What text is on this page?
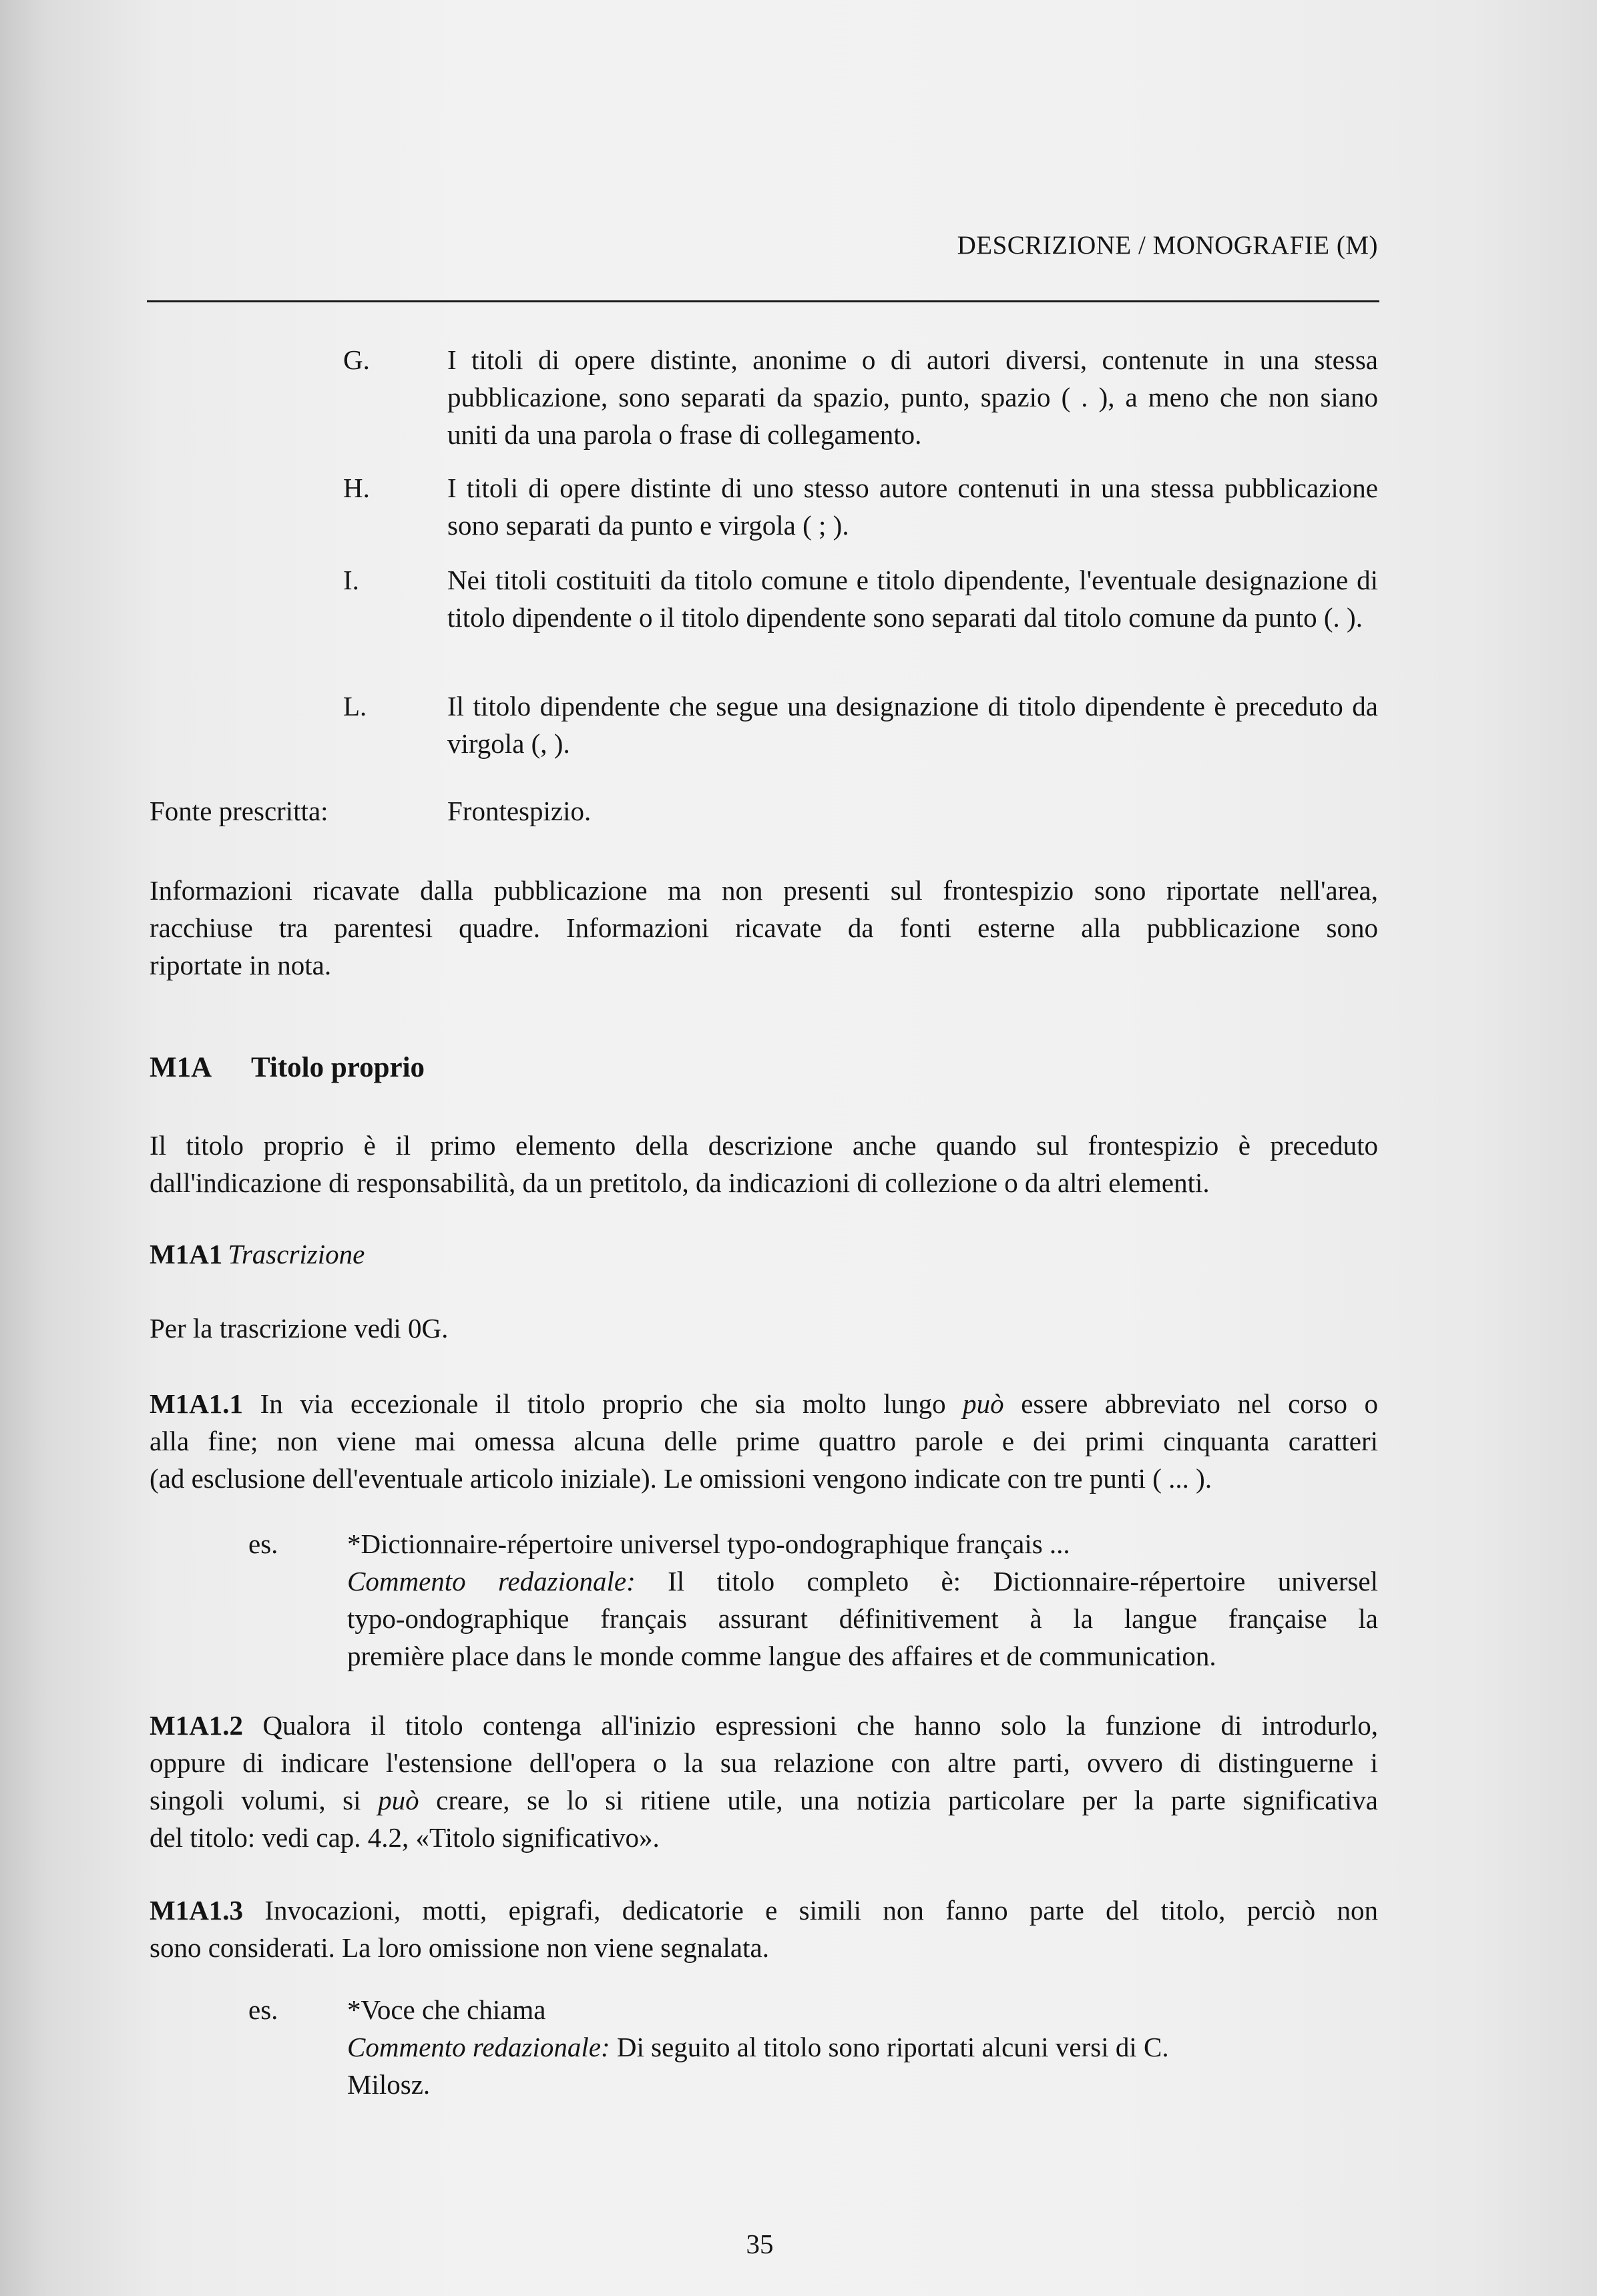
DESCRIZIONE / MONOGRAFIE (M)
G.	I titoli di opere distinte, anonime o di autori diversi, contenute in una stessa pubblicazione, sono separati da spazio, punto, spazio ( . ), a meno che non siano uniti da una parola o frase di collegamento.
H.	I titoli di opere distinte di uno stesso autore contenuti in una stessa pubblicazione sono separati da punto e virgola ( ; ).
I.	Nei titoli costituiti da titolo comune e titolo dipendente, l'eventuale designazione di titolo dipendente o il titolo dipendente sono separati dal titolo comune da punto (. ).
L.	Il titolo dipendente che segue una designazione di titolo dipendente è preceduto da virgola (, ).
Fonte prescritta:	Frontespizio.
Informazioni ricavate dalla pubblicazione ma non presenti sul frontespizio sono riportate nell'area,
racchiuse tra parentesi quadre. Informazioni ricavate da fonti esterne alla pubblicazione sono
riportate in nota.
M1A Titolo proprio
Il titolo proprio è il primo elemento della descrizione anche quando sul frontespizio è preceduto
dall'indicazione di responsabilità, da un pretitolo, da indicazioni di collezione o da altri elementi.
M1A1 Trascrizione
Per la trascrizione vedi 0G.
M1A1.1 In via eccezionale il titolo proprio che sia molto lungo può essere abbreviato nel corso o
alla fine; non viene mai omessa alcuna delle prime quattro parole e dei primi cinquanta caratteri
(ad esclusione dell'eventuale articolo iniziale). Le omissioni vengono indicate con tre punti ( ... ).
es.	*Dictionnaire-répertoire universel typo-ondographique français ...
Commento redazionale: Il titolo completo è: Dictionnaire-répertoire universel
typo-ondographique français assurant définitivement à la langue française la
première place dans le monde comme langue des affaires et de communication.
M1A1.2 Qualora il titolo contenga all'inizio espressioni che hanno solo la funzione di introdurlo,
oppure di indicare l'estensione dell'opera o la sua relazione con altre parti, ovvero di distinguerne i
singoli volumi, si può creare, se lo si ritiene utile, una notizia particolare per la parte significativa
del titolo: vedi cap. 4.2, «Titolo significativo».
M1A1.3 Invocazioni, motti, epigrafi, dedicatorie e simili non fanno parte del titolo, perciò non
sono considerati. La loro omissione non viene segnalata.
es.	*Voce che chiama
Commento redazionale: Di seguito al titolo sono riportati alcuni versi di C.
Milosz.
35
